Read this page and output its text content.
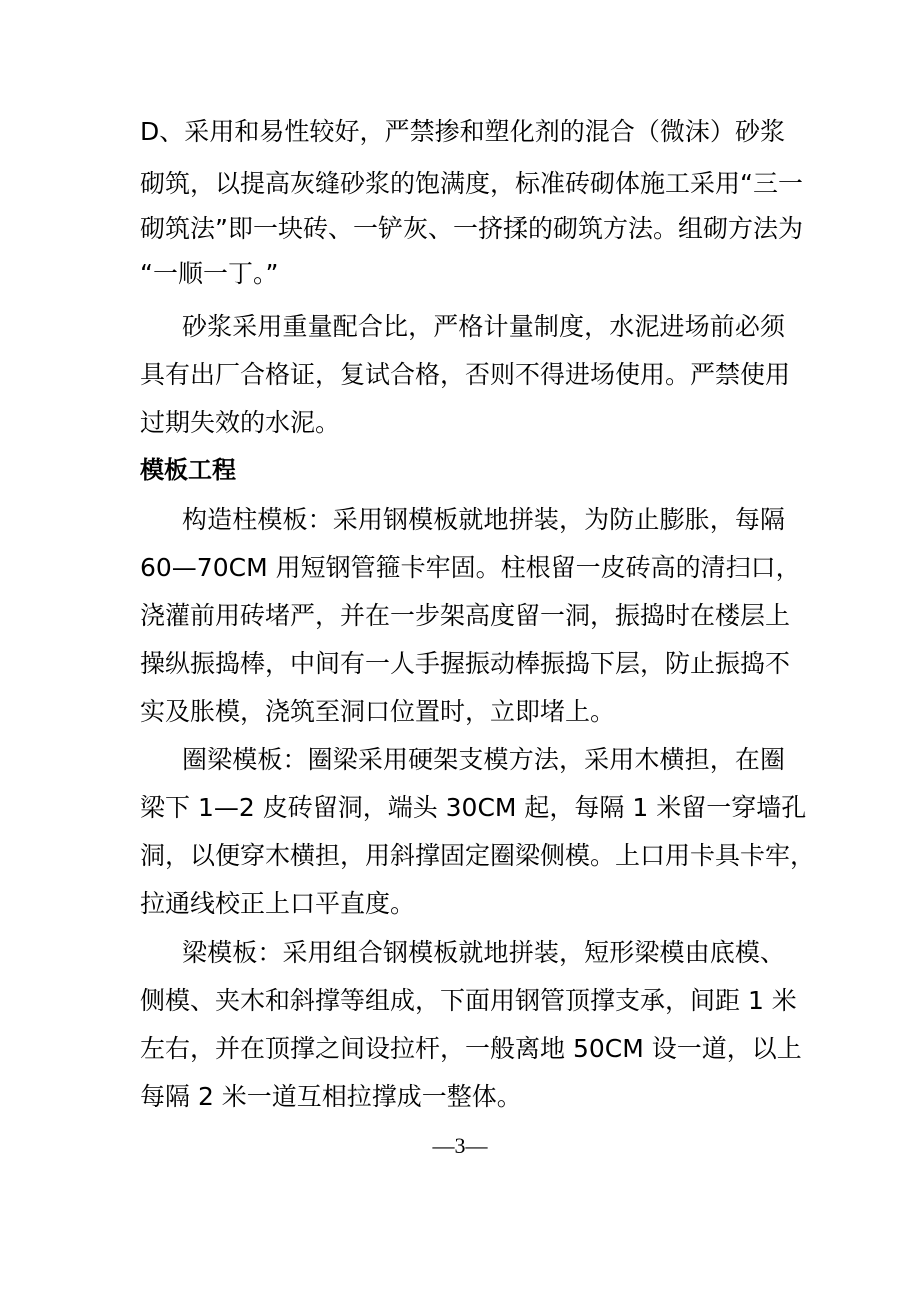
D、采用和易性较好，严禁掺和塑化剂的混合（微沫）砂浆
砌筑，以提高灰缝砂浆的饱满度，标准砖砌体施工采用“三一
砌筑法”即一块砖、一铲灰、一挤揉的砌筑方法。组砌方法为
“一顺一丁。”
砂浆采用重量配合比，严格计量制度，水泥进场前必须
具有出厂合格证，复试合格，否则不得进场使用。严禁使用
过期失效的水泥。
模板工程
构造柱模板：采用钢模板就地拼装，为防止膨胀，每隔
60—70CM 用短钢管箍卡牢固。柱根留一皮砖高的清扫口，
浇灌前用砖堵严，并在一步架高度留一洞，振捣时在楼层上
操纵振捣棒，中间有一人手握振动棒振捣下层，防止振捣不
实及胀模，浇筑至洞口位置时，立即堵上。
圈梁模板：圈梁采用硬架支模方法，采用木横担，在圈
梁下 1—2 皮砖留洞，端头 30CM 起，每隔 1 米留一穿墙孔
洞，以便穿木横担，用斜撑固定圈梁侧模。上口用卡具卡牢，
拉通线校正上口平直度。
梁模板：采用组合钢模板就地拼装，短形梁模由底模、
侧模、夹木和斜撑等组成，下面用钢管顶撑支承，间距 1 米
左右，并在顶撑之间设拉杆，一般离地 50CM 设一道，以上
每隔 2 米一道互相拉撑成一整体。
—3—
